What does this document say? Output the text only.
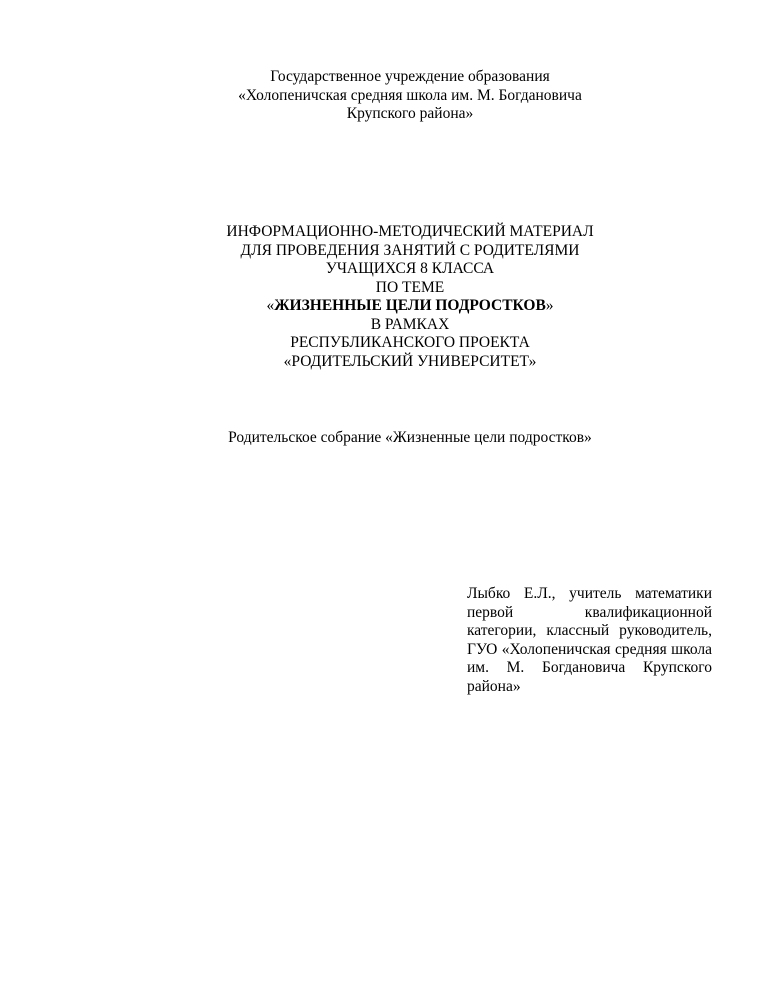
Государственное учреждение образования
«Холопеничская средняя школа им. М. Богдановича
Крупского района»
ИНФОРМАЦИОННО-МЕТОДИЧЕСКИЙ МАТЕРИАЛ
ДЛЯ ПРОВЕДЕНИЯ ЗАНЯТИЙ С РОДИТЕЛЯМИ
УЧАЩИХСЯ 8 КЛАССА
ПО ТЕМЕ
«ЖИЗНЕННЫЕ ЦЕЛИ ПОДРОСТКОВ»
В РАМКАХ
РЕСПУБЛИКАНСКОГО ПРОЕКТА
«РОДИТЕЛЬСКИЙ УНИВЕРСИТЕТ»
Родительское собрание «Жизненные цели подростков»
Лыбко Е.Л., учитель математики первой квалификационной категории, классный руководитель, ГУО «Холопеничская средняя школа им. М. Богдановича Крупского района»
